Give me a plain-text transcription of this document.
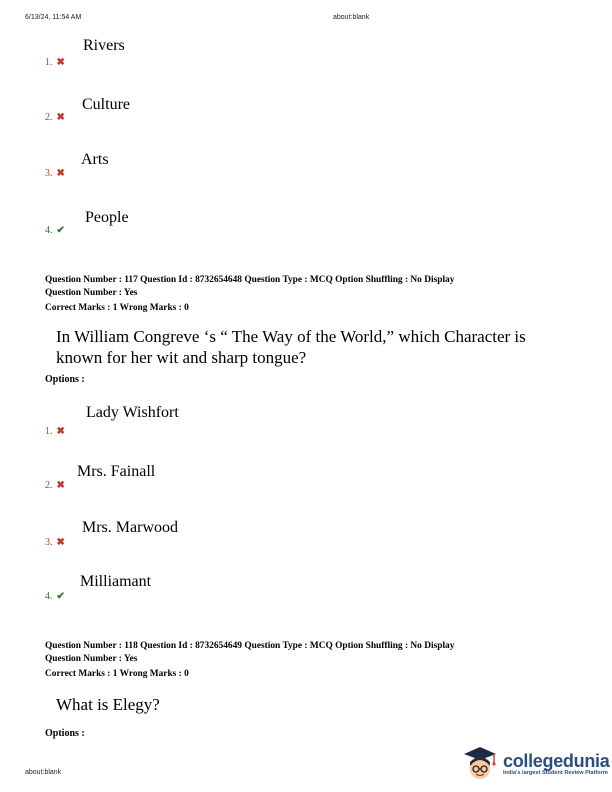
6/13/24, 11:54 AM	about:blank
Rivers
1. ✖
Culture
2. ✖
Arts
3. ✖
People
4. ✔
Question Number : 117 Question Id : 8732654648 Question Type : MCQ Option Shuffling : No Display
Question Number : Yes
Correct Marks : 1 Wrong Marks : 0
In William Congreve ‘s “ The Way of the World,” which Character is
known for her wit and sharp tongue?
Options :
Lady Wishfort
1. ✖
Mrs. Fainall
2. ✖
Mrs. Marwood
3. ✖
Milliamant
4. ✔
Question Number : 118 Question Id : 8732654649 Question Type : MCQ Option Shuffling : No Display
Question Number : Yes
Correct Marks : 1 Wrong Marks : 0
What is Elegy?
Options :
about:blank
collegedunia
India's largest Student Review Platform
